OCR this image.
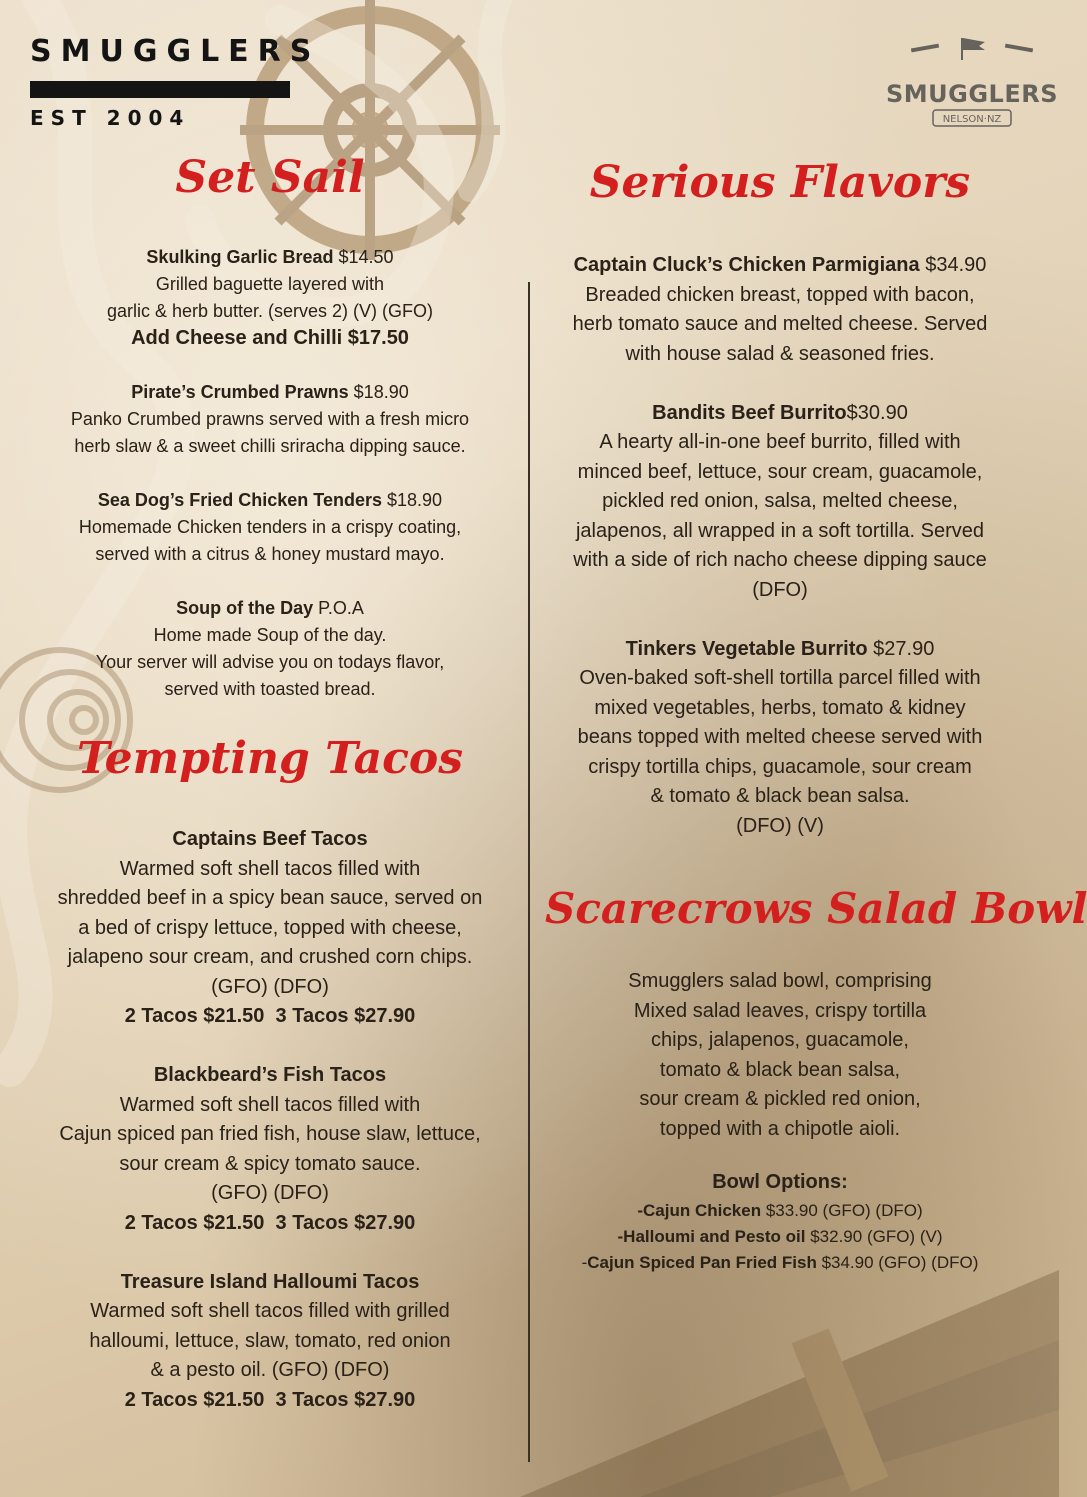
SMUGGLERS
EST 2004
SMUGGLERS
NELSON·NZ
Set Sail
Skulking Garlic Bread $14.50
Grilled baguette layered with
garlic & herb butter. (serves 2) (V) (GFO)
Add Cheese and Chilli $17.50
Pirate’s Crumbed Prawns $18.90
Panko Crumbed prawns served with a fresh micro
herb slaw & a sweet chilli sriracha dipping sauce.
Sea Dog’s Fried Chicken Tenders $18.90
Homemade Chicken tenders in a crispy coating,
served with a citrus & honey mustard mayo.
Soup of the Day P.O.A
Home made Soup of the day.
Your server will advise you on todays flavor,
served with toasted bread.
Tempting Tacos
Captains Beef Tacos
Warmed soft shell tacos filled with
shredded beef in a spicy bean sauce, served on
a bed of crispy lettuce, topped with cheese,
jalapeno sour cream, and crushed corn chips.
(GFO) (DFO)
2 Tacos $21.50  3 Tacos $27.90
Blackbeard’s Fish Tacos
Warmed soft shell tacos filled with
Cajun spiced pan fried fish, house slaw, lettuce,
sour cream & spicy tomato sauce.
(GFO) (DFO)
2 Tacos $21.50  3 Tacos $27.90
Treasure Island Halloumi Tacos
Warmed soft shell tacos filled with grilled
halloumi, lettuce, slaw, tomato, red onion
& a pesto oil. (GFO) (DFO)
2 Tacos $21.50  3 Tacos $27.90
Serious Flavors
Captain Cluck’s Chicken Parmigiana $34.90
Breaded chicken breast, topped with bacon,
herb tomato sauce and melted cheese. Served
with house salad & seasoned fries.
Bandits Beef Burrito$30.90
A hearty all-in-one beef burrito, filled with
minced beef, lettuce, sour cream, guacamole,
pickled red onion, salsa, melted cheese,
jalapenos, all wrapped in a soft tortilla. Served
with a side of rich nacho cheese dipping sauce
(DFO)
Tinkers Vegetable Burrito $27.90
Oven-baked soft-shell tortilla parcel filled with
mixed vegetables, herbs, tomato & kidney
beans topped with melted cheese served with
crispy tortilla chips, guacamole, sour cream
& tomato & black bean salsa.
(DFO) (V)
Scarecrows Salad Bowl
Smugglers salad bowl, comprising
Mixed salad leaves, crispy tortilla
chips, jalapenos, guacamole,
tomato & black bean salsa,
sour cream & pickled red onion,
topped with a chipotle aioli.
Bowl Options:
-Cajun Chicken $33.90 (GFO) (DFO)
-Halloumi and Pesto oil $32.90 (GFO) (V)
-Cajun Spiced Pan Fried Fish $34.90 (GFO) (DFO)
